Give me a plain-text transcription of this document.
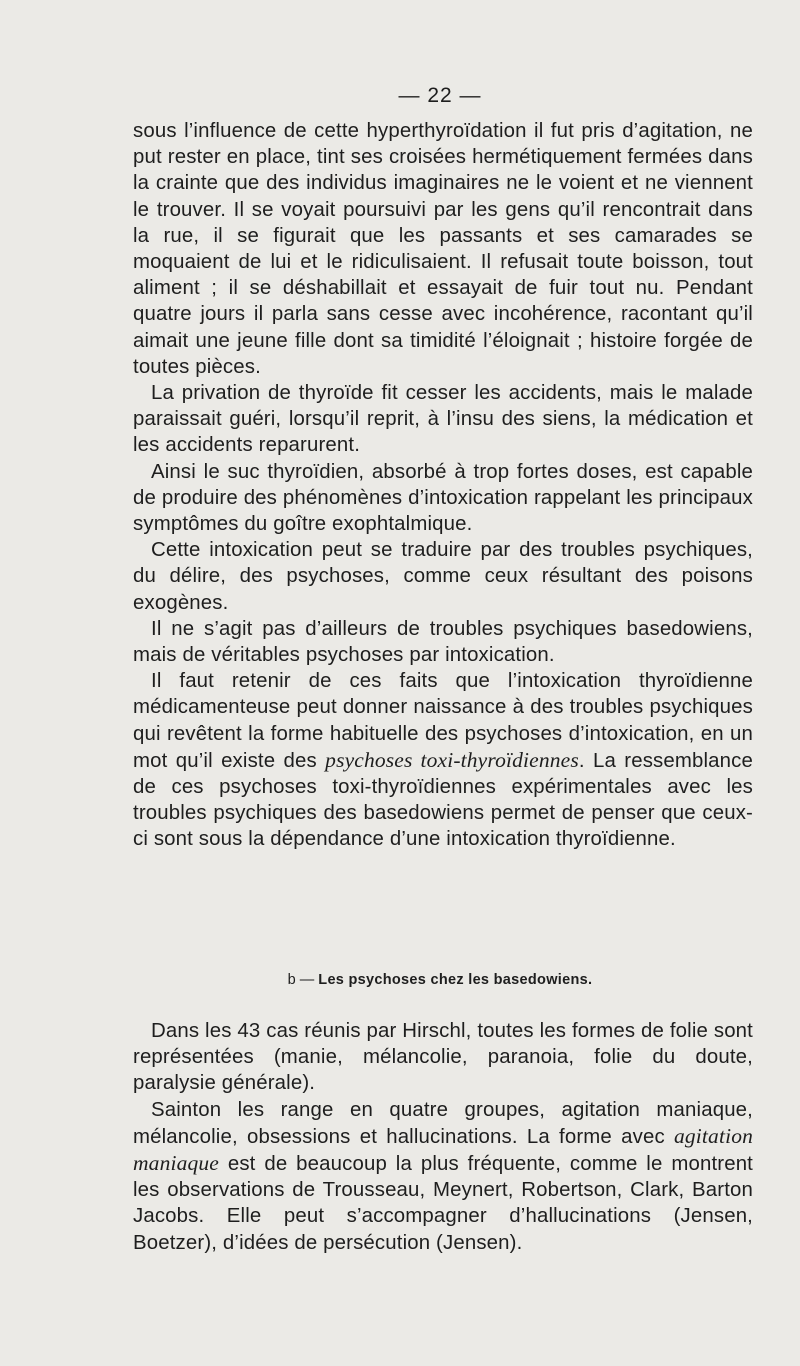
— 22 —

sous l’influence de cette hyperthyroïdation il fut pris d’agitation, ne put rester en place, tint ses croisées hermétiquement fermées dans la crainte que des individus imaginaires ne le voient et ne viennent le trouver. Il se voyait poursuivi par les gens qu’il rencontrait dans la rue, il se figurait que les passants et ses camarades se moquaient de lui et le ridiculisaient. Il refusait toute boisson, tout aliment ; il se déshabillait et essayait de fuir tout nu. Pendant quatre jours il parla sans cesse avec incohérence, racontant qu’il aimait une jeune fille dont sa timidité l’éloignait ; histoire forgée de toutes pièces.

La privation de thyroïde fit cesser les accidents, mais le malade paraissait guéri, lorsqu’il reprit, à l’insu des siens, la médication et les accidents reparurent.

Ainsi le suc thyroïdien, absorbé à trop fortes doses, est capable de produire des phénomènes d’intoxication rappelant les principaux symptômes du goître exophtalmique.

Cette intoxication peut se traduire par des troubles psychiques, du délire, des psychoses, comme ceux résultant des poisons exogènes.

Il ne s’agit pas d’ailleurs de troubles psychiques basedowiens, mais de véritables psychoses par intoxication.

Il faut retenir de ces faits que l’intoxication thyroïdienne médicamenteuse peut donner naissance à des troubles psychiques qui revêtent la forme habituelle des psychoses d’intoxication, en un mot qu’il existe des psychoses toxi-thyroïdiennes. La ressemblance de ces psychoses toxi-thyroïdiennes expérimentales avec les troubles psychiques des basedowiens permet de penser que ceux-ci sont sous la dépendance d’une intoxication thyroïdienne.

b — Les psychoses chez les basedowiens.

Dans les 43 cas réunis par Hirschl, toutes les formes de folie sont représentées (manie, mélancolie, paranoia, folie du doute, paralysie générale).

Sainton les range en quatre groupes, agitation maniaque, mélancolie, obsessions et hallucinations. La forme avec agitation maniaque est de beaucoup la plus fréquente, comme le montrent les observations de Trousseau, Meynert, Robertson, Clark, Barton Jacobs. Elle peut s’accompagner d’hallucinations (Jensen, Boetzer), d’idées de persécution (Jensen).
